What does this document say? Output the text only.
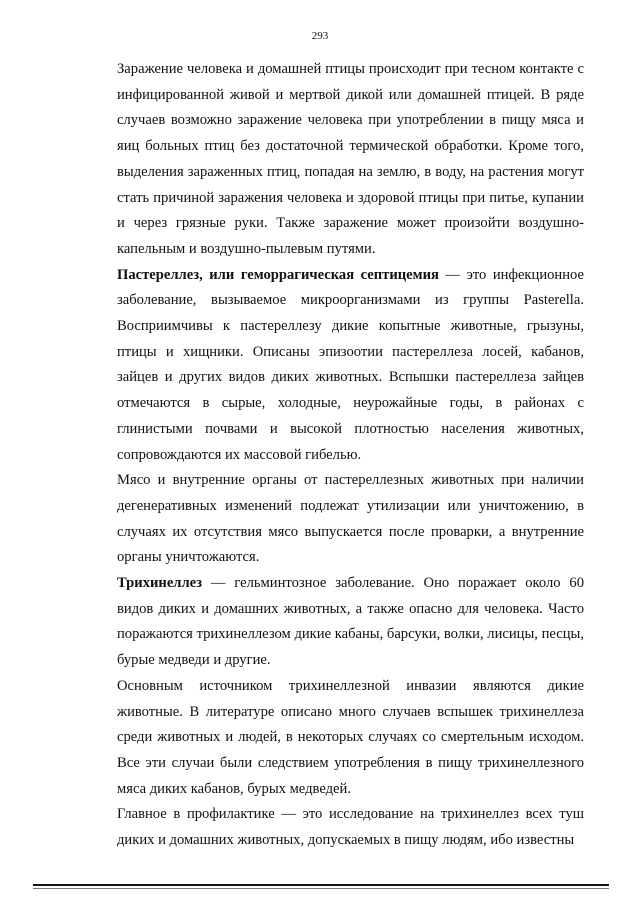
293

Заражение человека и домашней птицы происходит при тесном контакте с инфицированной живой и мертвой дикой или домашней птицей. В ряде случаев возможно заражение человека при употреблении в пищу мяса и яиц больных птиц без достаточной термической обработки. Кроме того, выделения зараженных птиц, попадая на землю, в воду, на растения могут стать причиной заражения человека и здоровой птицы при питье, купании и через грязные руки. Также заражение может произойти воздушно-капельным и воздушно-пылевым путями.

Пастереллез, или геморрагическая септицемия — это инфекционное заболевание, вызываемое микроорганизмами из группы Pasterella. Восприимчивы к пастереллезу дикие копытные животные, грызуны, птицы и хищники. Описаны эпизоотии пастереллеза лосей, кабанов, зайцев и других видов диких животных. Вспышки пастереллеза зайцев отмечаются в сырые, холодные, неурожайные годы, в районах с глинистыми почвами и высокой плотностью населения животных, сопровождаются их массовой гибелью.

Мясо и внутренние органы от пастереллезных животных при наличии дегенеративных изменений подлежат утилизации или уничтожению, в случаях их отсутствия мясо выпускается после проварки, а внутренние органы уничтожаются.

Трихинеллез — гельминтозное заболевание. Оно поражает около 60 видов диких и домашних животных, а также опасно для человека. Часто поражаются трихинеллезом дикие кабаны, барсуки, волки, лисицы, песцы, бурые медведи и другие.

Основным источником трихинеллезной инвазии являются дикие животные. В литературе описано много случаев вспышек трихинеллеза среди животных и людей, в некоторых случаях со смертельным исходом. Все эти случаи были следствием употребления в пищу трихинеллезного мяса диких кабанов, бурых медведей.

Главное в профилактике — это исследование на трихинеллез всех туш диких и домашних животных, допускаемых в пищу людям, ибо известны
